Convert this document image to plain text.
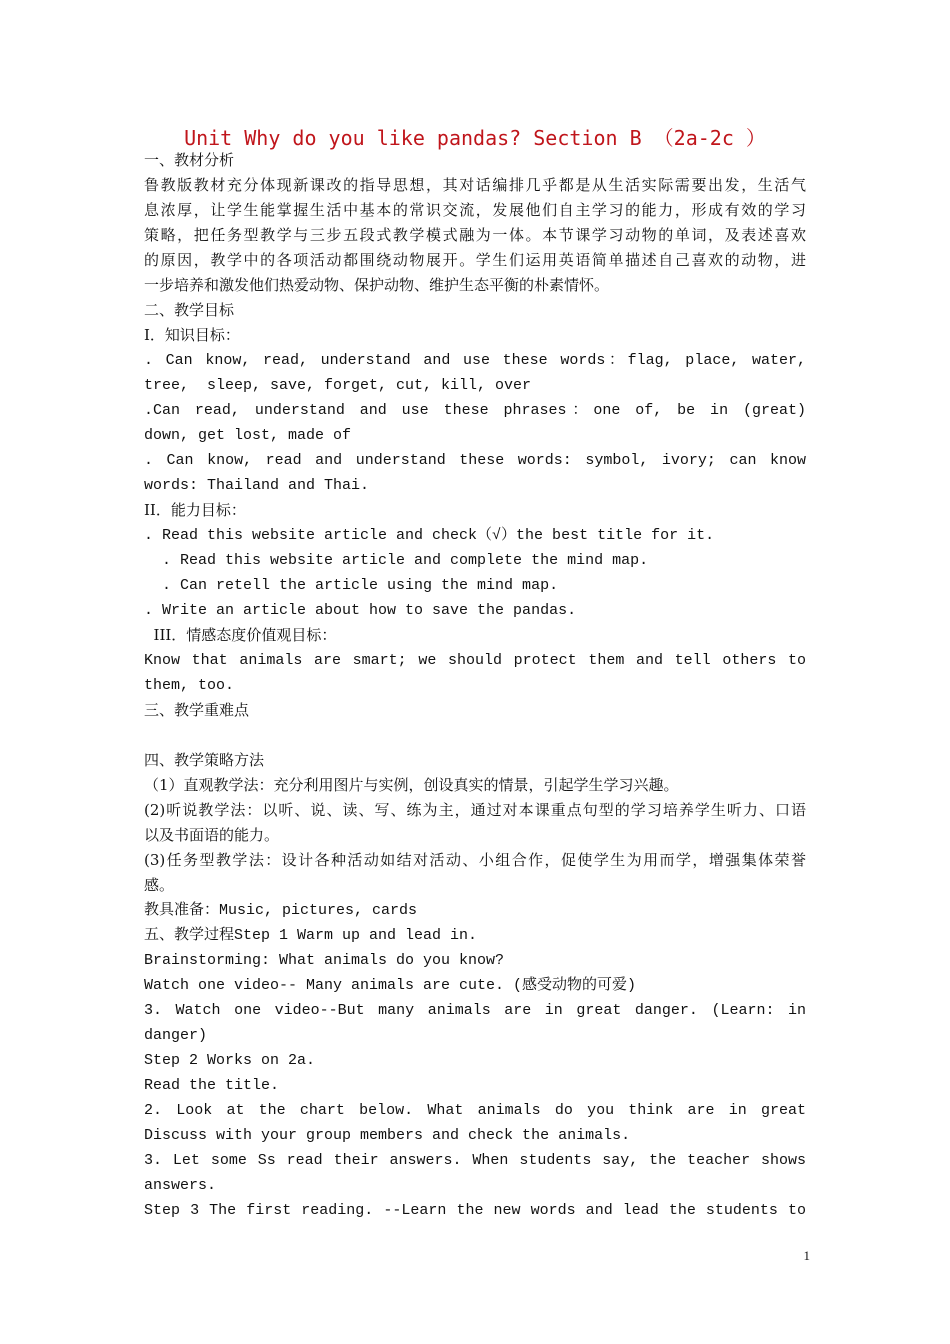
Unit Why do you like pandas? Section B （2a-2c ）
一、教材分析
鲁教版教材充分体现新课改的指导思想，其对话编排几乎都是从生活实际需要出发，生活气
息浓厚，让学生能掌握生活中基本的常识交流，发展他们自主学习的能力，形成有效的学习
策略，把任务型教学与三步五段式教学模式融为一体。本节课学习动物的单词，及表述喜欢
的原因，教学中的各项活动都围绕动物展开。学生们运用英语简单描述自己喜欢的动物，进
一步培养和激发他们热爱动物、保护动物、维护生态平衡的朴素情怀。
二、教学目标
I．知识目标：
. Can know, read, understand and use these words：flag, place, water,
tree,  sleep, save, forget, cut, kill, over
.Can read, understand and use these phrases：one of, be in (great)
down, get lost, made of
. Can know, read and understand these words: symbol, ivory; can know
words: Thailand and Thai.
II．能力目标：
. Read this website article and check（√）the best title for it.
. Read this website article and complete the mind map.
. Can retell the article using the mind map.
. Write an article about how to save the pandas.
III．情感态度价值观目标：
Know that animals are smart; we should protect them and tell others to
them, too.
三、教学重难点
四、教学策略方法
（1）直观教学法：充分利用图片与实例，创设真实的情景，引起学生学习兴趣。
(2)听说教学法：以听、说、读、写、练为主，通过对本课重点句型的学习培养学生听力、口语
以及书面语的能力。
(3)任务型教学法：设计各种活动如结对活动、小组合作，促使学生为用而学，增强集体荣誉
感。
教具准备：Music, pictures, cards
五、教学过程Step 1 Warm up and lead in.
Brainstorming: What animals do you know?
Watch one video-- Many animals are cute. (感受动物的可爱)
3. Watch one video--But many animals are in great danger. (Learn: in
danger)
Step 2 Works on 2a.
Read the title.
2. Look at the chart below. What animals do you think are in great
Discuss with your group members and check the animals.
3. Let some Ss read their answers. When students say, the teacher shows
answers.
Step 3 The first reading. --Learn the new words and lead the students to
1
